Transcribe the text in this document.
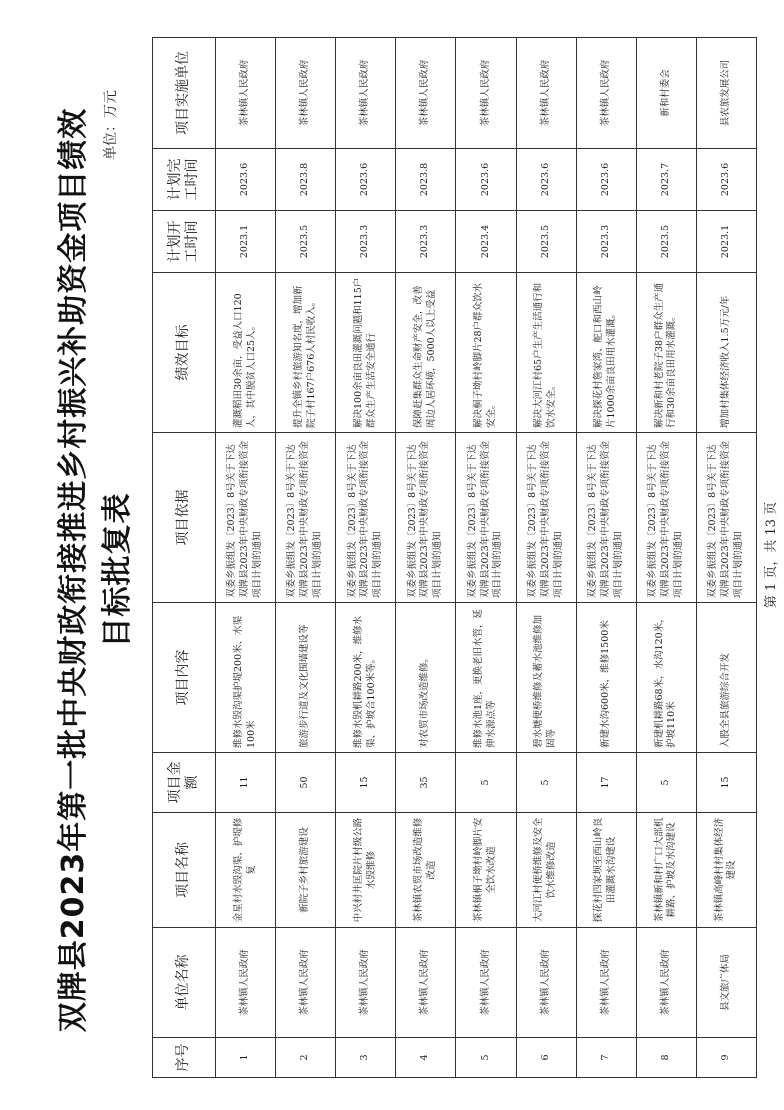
双牌县2023年第一批中央财政衔接推进乡村振兴补助资金项目绩效目标批复表
单位：万元
序号	单位名称	项目名称	项目金额	项目内容	项目依据	绩效目标	计划开工时间	计划完工时间	项目实施单位
1	茶林镇人民政府	金星村水毁沟渠、护堤修复	11	维修水毁沟渠护堤200米、水渠100米	双委乡振组发〔2023〕8号关于下达双牌县2023年中央财政专项衔接资金项目计划的通知	灌溉稻田30余亩，受益人口120人，其中脱贫人口25人。	2023.1	2023.6	茶林镇人民政府
2	茶林镇人民政府	新院子乡村旅游建设	50	旅游步行道及文化围墙建设等	双委乡振组发〔2023〕8号关于下达双牌县2023年中央财政专项衔接资金项目计划的通知	提升全镇乡村旅游知名度，增加新院子村167户676人村民收入。	2023.5	2023.8	茶林镇人民政府
3	茶林镇人民政府	中兴村井匡院片村级公路水毁维修	15	维修水毁机耕路200米，维修水渠、护坡合100米等。	双委乡振组发〔2023〕8号关于下达双牌县2023年中央财政专项衔接资金项目计划的通知	解决100余亩良田灌溉问题和115户群众生产生活安全通行	2023.3	2023.6	茶林镇人民政府
4	茶林镇人民政府	茶林镇农贸市场改造维修改造	35	对农贸市场改造维修。	双委乡振组发〔2023〕8号关于下达双牌县2023年中央财政专项衔接资金项目计划的通知	保障赶集群众生命财产安全，改善周边人居环境，5000人以上受益	2023.3	2023.8	茶林镇人民政府
5	茶林镇人民政府	茶林镇桐子坳村岭脚片安全饮水改造	5	维修水池1座，更换老旧水管，延伸水源点等	双委乡振组发〔2023〕8号关于下达双牌县2023年中央财政专项衔接资金项目计划的通知	解决桐子坳村岭脚片28户群众饮水安全。	2023.4	2023.6	茶林镇人民政府
6	茶林镇人民政府	大河江村便桥维修及安全饮水维修改造	5	碧水塘便桥维修及蓄水池维修加固等	双委乡振组发〔2023〕8号关于下达双牌县2023年中央财政专项衔接资金项目计划的通知	解决大河江村65户生产生活通行和饮水安全。	2023.5	2023.6	茶林镇人民政府
7	茶林镇人民政府	探花村四家坝至西山岭良田灌溉水沟建设	17	新建水沟600米，维修1500米	双委乡振组发〔2023〕8号关于下达双牌县2023年中央财政专项衔接资金项目计划的通知	解决探花村詹家湾、舵口和西山岭片1000余亩良田用水灌溉。	2023.3	2023.6	茶林镇人民政府
8	茶林镇人民政府	茶林镇新和村广口大部机耕路、护坡及水沟建设	5	新建机耕路68米，水沟120米，护坡110米	双委乡振组发〔2023〕8号关于下达双牌县2023年中央财政专项衔接资金项目计划的通知	解决新和村老院子38户群众生产通行和30余亩良田用水灌溉。	2023.5	2023.7	新和村委会
9	县文旅广体局	茶林镇高峰村村集体经济建设	15	入股全县旅游综合开发	双委乡振组发〔2023〕8号关于下达双牌县2023年中央财政专项衔接资金项目计划的通知	增加村集体经济收入1.5万元/年	2023.1	2023.6	县农旅发展公司
第 1 页，共 13 页
